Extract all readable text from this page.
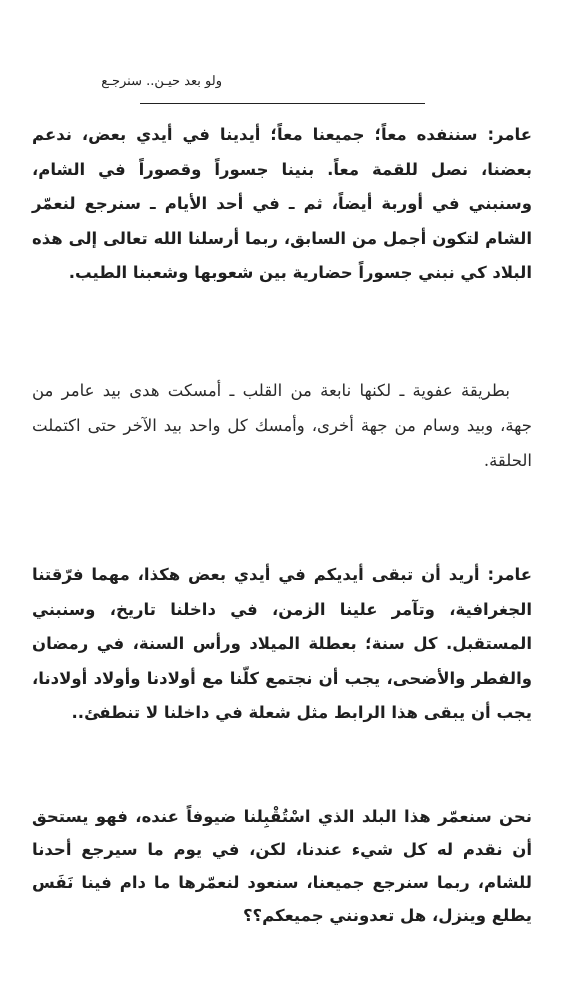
ولو بعد حيـن.. سنرجـع

عامر: سننفده معاً؛ جميعنا معاً؛ أيدينا في أيدي بعض، ندعم بعضنا، نصل للقمة معاً. بنينا جسوراً وقصوراً في الشام، وسنبني في أوربة أيضاً، ثم ـ في أحد الأيام ـ سنرجع لنعمّر الشام لتكون أجمل من السابق، ربما أرسلنا الله تعالى إلى هذه البلاد كي نبني جسوراً حضارية بين شعوبها وشعبنا الطيب.

بطريقة عفوية ـ لكنها نابعة من القلب ـ أمسكت هدى بيد عامر من جهة، وبيد وسام من جهة أخرى، وأمسك كل واحد بيد الآخر حتى اكتملت الحلقة.

عامر: أريد أن تبقى أيديكم في أيدي بعض هكذا، مهما فرّقتنا الجغرافية، وتآمر علينا الزمن، في داخلنا تاريخ، وسنبني المستقبل. كل سنة؛ بعطلة الميلاد ورأس السنة، في رمضان والفطر والأضحى، يجب أن نجتمع كلّنا مع أولادنا وأولاد أولادنا، يجب أن يبقى هذا الرابط مثل شعلة في داخلنا لا تنطفئ..

نحن سنعمّر هذا البلد الذي اسْتُقْبِلنا ضيوفاً عنده، فهو يستحق أن نقدم له كل شيء عندنا، لكن، في يوم ما سيرجع أحدنا للشام، ربما سنرجع جميعنا، سنعود لنعمّرها ما دام فينا نَفَس يطلع وينزل، هل تعدونني جميعكم؟؟
